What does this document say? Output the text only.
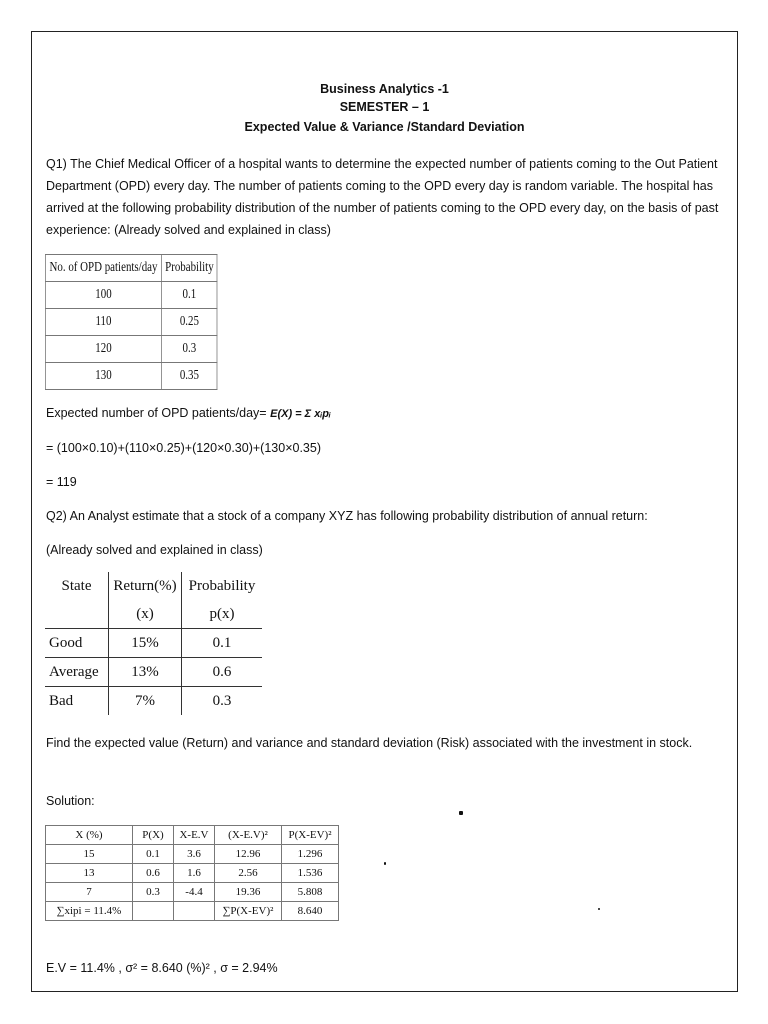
Business Analytics -1
SEMESTER – 1
Expected Value & Variance /Standard Deviation
Q1) The Chief Medical Officer of a hospital wants to determine the expected number of patients coming to the Out Patient Department (OPD) every day. The number of patients coming to the OPD every day is random variable. The hospital has arrived at the following probability distribution of the number of patients coming to the OPD every day, on the basis of past experience: (Already solved and explained in class)
No. of OPD patients/day	Probability
100	0.1
110	0.25
120	0.3
130	0.35
Expected number of OPD patients/day= E(X) = Σ xᵢpᵢ
= (100×0.10)+(110×0.25)+(120×0.30)+(130×0.35)
= 119
Q2) An Analyst estimate that a stock of a company XYZ has following probability distribution of annual return:
(Already solved and explained in class)
State	Return(%)	Probability
	(x)	p(x)
Good	15%	0.1
Average	13%	0.6
Bad	7%	0.3
Find the expected value (Return) and variance and standard deviation (Risk) associated with the investment in stock.
Solution:
X (%)	P(X)	X-E.V	(X-E.V)²	P(X-EV)²
15	0.1	3.6	12.96	1.296
13	0.6	1.6	2.56	1.536
7	0.3	-4.4	19.36	5.808
∑xipi = 11.4%			∑P(X-EV)²	8.640
E.V = 11.4% , σ² = 8.640 (%)² , σ = 2.94%
